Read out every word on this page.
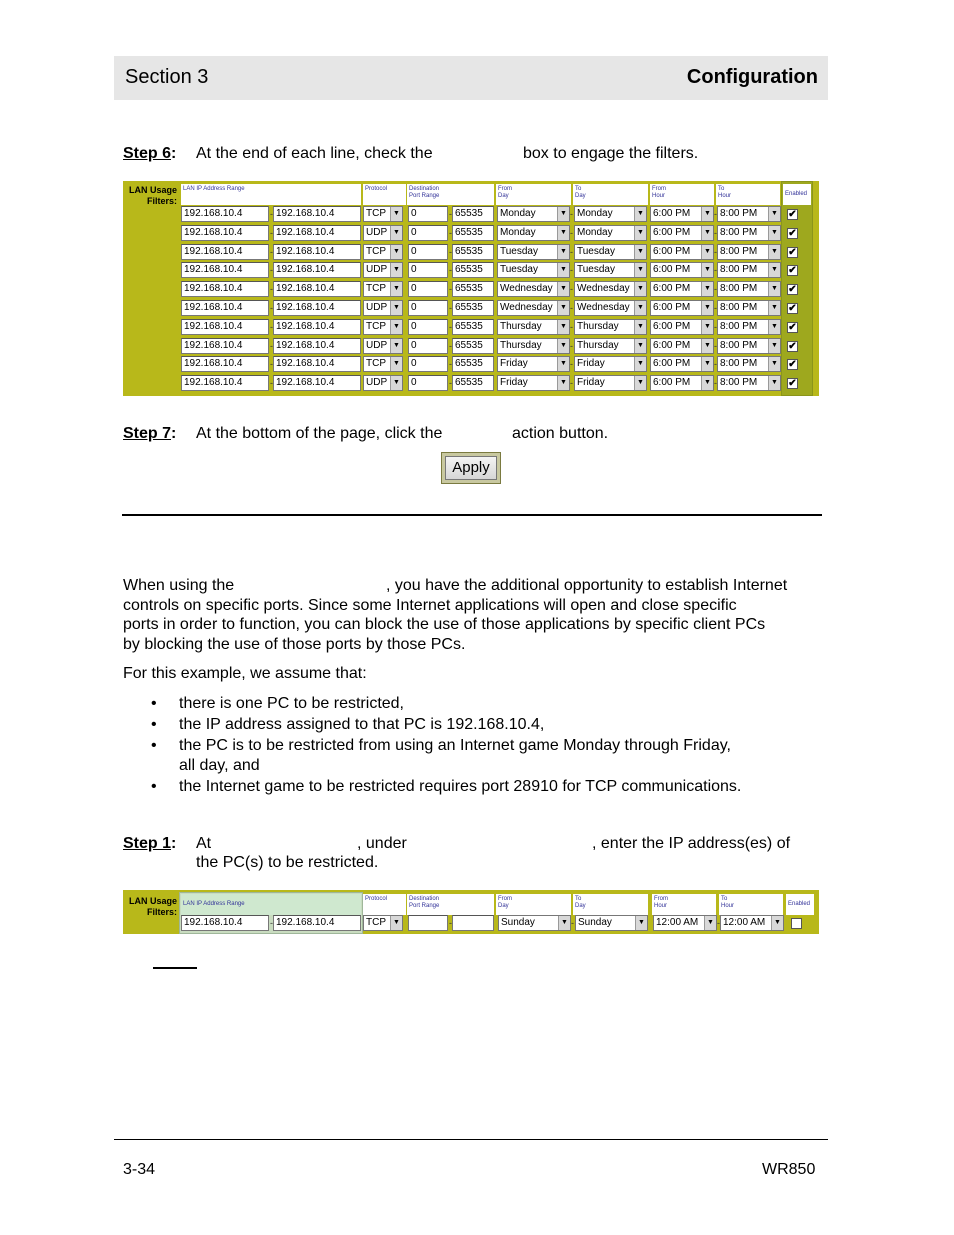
Section 3	Configuration
Step 6: At the end of each line, check the	box to engage the filters.
LAN Usage
Filters:
LAN IP Address Range	Protocol	Destination
Port Range
From
Day
To
Day
From
Hour
To
Hour	Enabled
192.168.10.4	- 192.168.10.4	TCP	▼	0	- 65535	Monday	▼ - Monday	▼ 6:00 PM	▼ - 8:00 PM	▼ ✔
192.168.10.4	- 192.168.10.4	UDP ▼	0	- 65535	Monday	▼ - Monday	▼ 6:00 PM	▼ - 8:00 PM	▼ ✔
192.168.10.4	- 192.168.10.4	TCP	▼	0	- 65535	Tuesday	▼ - Tuesday	▼ 6:00 PM	▼ - 8:00 PM	▼ ✔
192.168.10.4	- 192.168.10.4	UDP ▼	0	- 65535	Tuesday	▼ - Tuesday	▼ 6:00 PM	▼ - 8:00 PM	▼ ✔
192.168.10.4	- 192.168.10.4	TCP	▼	0	- 65535	Wednesday	▼ - Wednesday	▼ 6:00 PM	▼ - 8:00 PM	▼ ✔
192.168.10.4	- 192.168.10.4	UDP ▼	0	- 65535	Wednesday	▼ - Wednesday	▼ 6:00 PM	▼ - 8:00 PM	▼ ✔
192.168.10.4	- 192.168.10.4	TCP	▼	0	- 65535	Thursday	▼ - Thursday	▼ 6:00 PM	▼ - 8:00 PM	▼ ✔
192.168.10.4	- 192.168.10.4	UDP ▼	0	- 65535	Thursday	▼ - Thursday	▼ 6:00 PM	▼ - 8:00 PM	▼ ✔
192.168.10.4	- 192.168.10.4	TCP	▼	0	- 65535	Friday	▼ - Friday	▼ 6:00 PM	▼ - 8:00 PM	▼ ✔
192.168.10.4	- 192.168.10.4	UDP ▼	0	- 65535	Friday	▼ - Friday	▼ 6:00 PM	▼ - 8:00 PM	▼ ✔
Step 7: At the bottom of the page, click the	action button.
Apply
When using the	, you have the additional opportunity to establish Internet
controls on specific ports. Since some Internet applications will open and close specific
ports in order to function, you can block the use of those applications by specific client PCs
by blocking the use of those ports by those PCs.
For this example, we assume that:
• there is one PC to be restricted,
• the IP address assigned to that PC is 192.168.10.4,
• the PC is to be restricted from using an Internet game Monday through Friday,
all day, and
• the Internet game to be restricted requires port 28910 for TCP communications.
Step 1: At	, under	, enter the IP address(es) of
the PC(s) to be restricted.
LAN Usage
Filters:
LAN IP Address Range
Protocol	Destination
Port Range
From
Day
To
Day
From
Hour
To
Hour	Enabled
192.168.10.4	- 192.168.10.4	TCP	▼	-	Sunday	▼ - Sunday	▼	12:00 AM	▼ - 12:00 AM	▼
3-34	WR850
